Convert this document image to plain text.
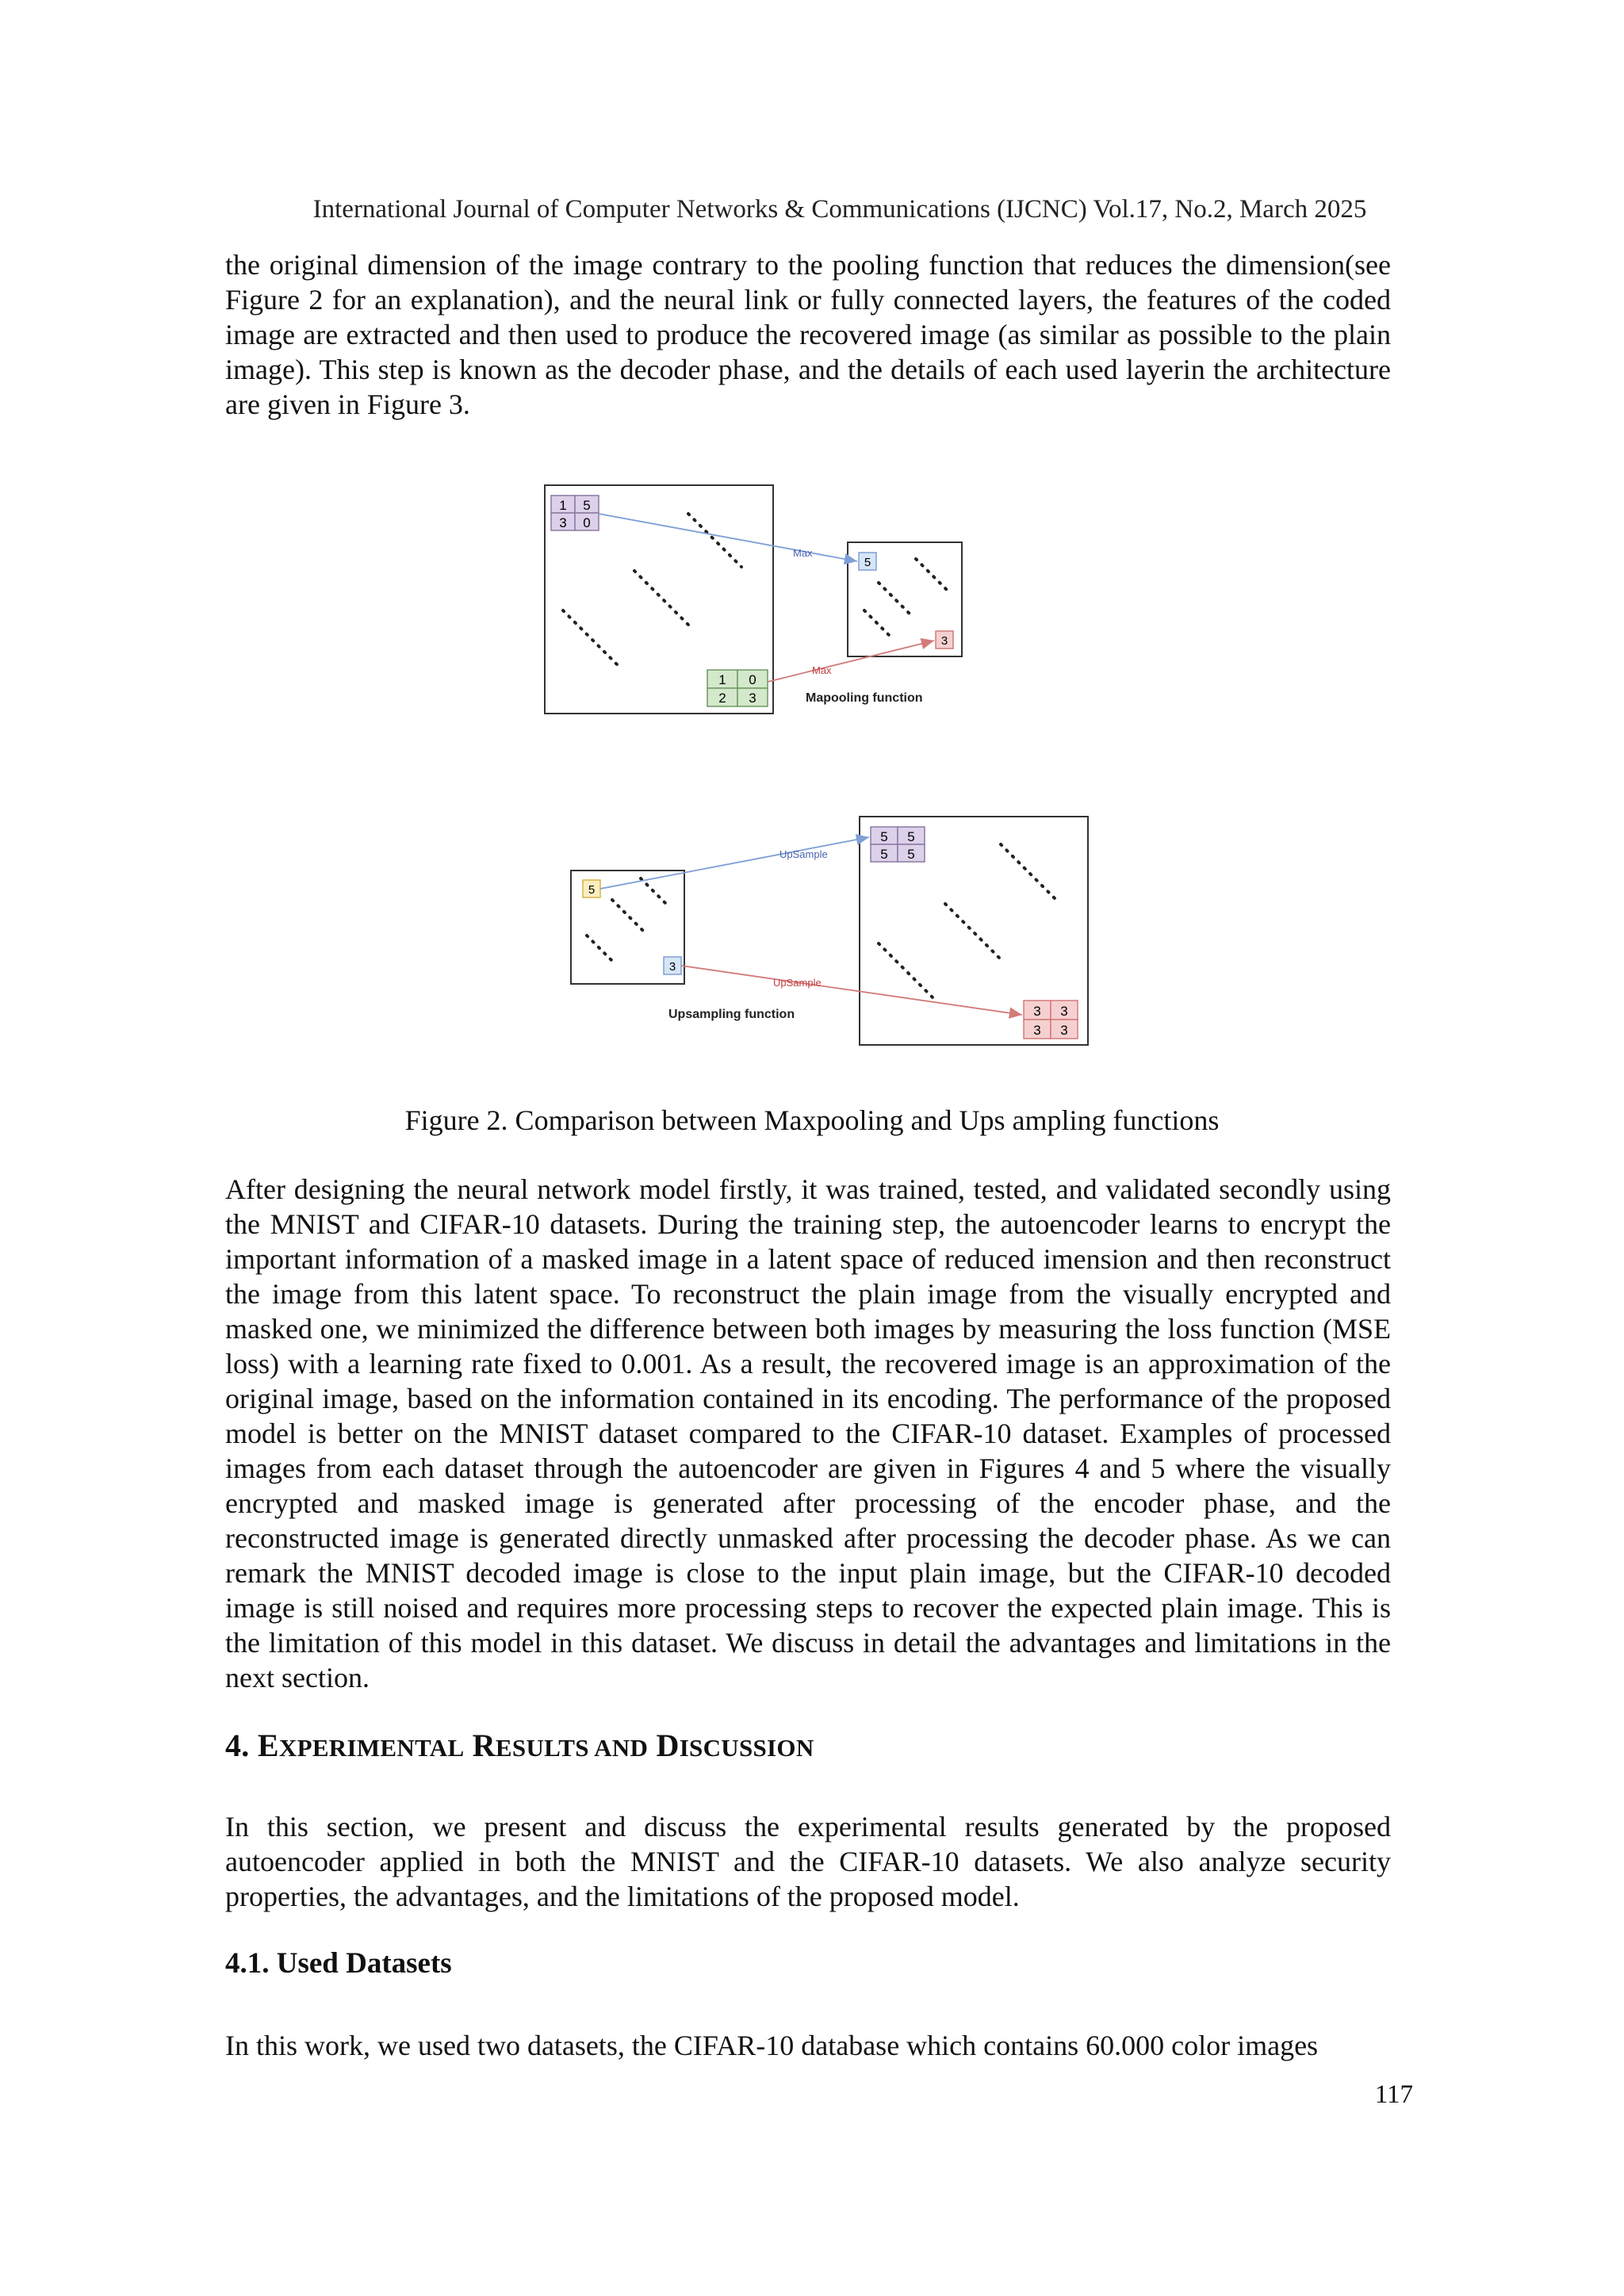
International Journal of Computer Networks & Communications (IJCNC) Vol.17, No.2, March 2025

the original dimension of the image contrary to the pooling function that reduces the dimension(see Figure 2 for an explanation), and the neural link or fully connected layers, the features of the coded image are extracted and then used to produce the recovered image (as similar as possible to the plain image). This step is known as the decoder phase, and the details of each used layerin the architecture are given in Figure 3.

1 5
3 0
1 0
2 3
5
3
Max
Max
Mapooling function
5
3
5 5
5 5
3 3
3 3
UpSample
UpSample
Upsampling function
Figure 2. Comparison between Maxpooling and Ups ampling functions

After designing the neural network model firstly, it was trained, tested, and validated secondly using the MNIST and CIFAR-10 datasets. During the training step, the autoencoder learns to encrypt the important information of a masked image in a latent space of reduced imension and then reconstruct the image from this latent space. To reconstruct the plain image from the visually encrypted and masked one, we minimized the difference between both images by measuring the loss function (MSE loss) with a learning rate fixed to 0.001. As a result, the recovered image is an approximation of the original image, based on the information contained in its encoding. The performance of the proposed model is better on the MNIST dataset compared to the CIFAR-10 dataset. Examples of processed images from each dataset through the autoencoder are given in Figures 4 and 5 where the visually encrypted and masked image is generated after processing of the encoder phase, and the reconstructed image is generated directly unmasked after processing the decoder phase. As we can remark the MNIST decoded image is close to the input plain image, but the CIFAR-10 decoded image is still noised and requires more processing steps to recover the expected plain image. This is the limitation of this model in this dataset. We discuss in detail the advantages and limitations in the next section.

4. EXPERIMENTAL RESULTS AND DISCUSSION

In this section, we present and discuss the experimental results generated by the proposed autoencoder applied in both the MNIST and the CIFAR-10 datasets. We also analyze security properties, the advantages, and the limitations of the proposed model.

4.1. Used Datasets

In this work, we used two datasets, the CIFAR-10 database which contains 60.000 color images

117
